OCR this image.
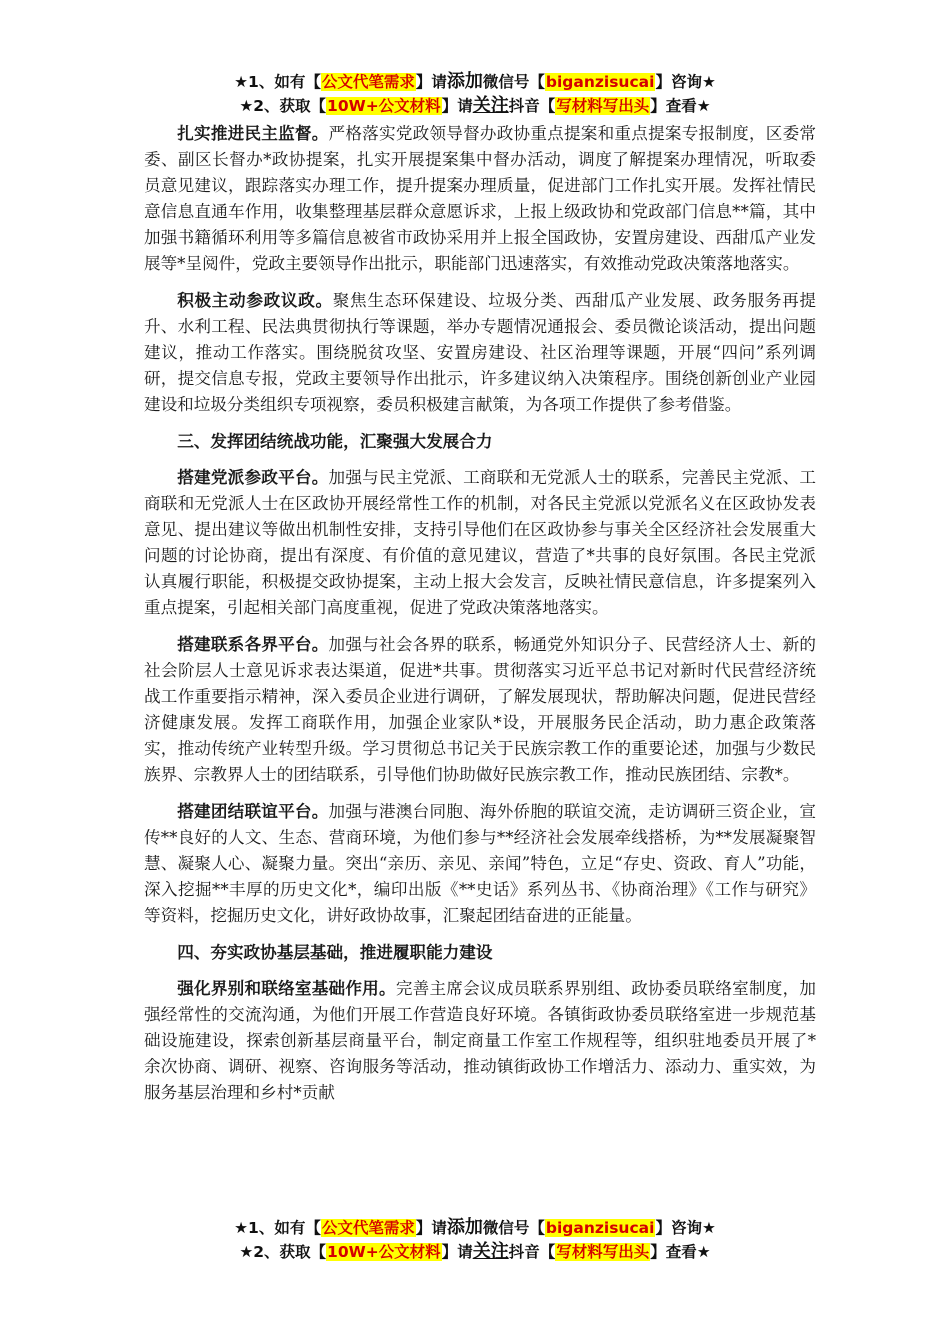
★1、如有【公文代笔需求】请添加微信号【biganzisucai】咨询★
★2、获取【10W+公文材料】请关注抖音【写材料写出头】查看★

扎实推进民主监督。严格落实党政领导督办政协重点提案和重点提案专报制度，区委常委、副区长督办*政协提案，扎实开展提案集中督办活动，调度了解提案办理情况，听取委员意见建议，跟踪落实办理工作，提升提案办理质量，促进部门工作扎实开展。发挥社情民意信息直通车作用，收集整理基层群众意愿诉求，上报上级政协和党政部门信息**篇，其中加强书籍循环利用等多篇信息被省市政协采用并上报全国政协，安置房建设、西甜瓜产业发展等*呈阅件，党政主要领导作出批示，职能部门迅速落实，有效推动党政决策落地落实。

积极主动参政议政。聚焦生态环保建设、垃圾分类、西甜瓜产业发展、政务服务再提升、水利工程、民法典贯彻执行等课题，举办专题情况通报会、委员微论谈活动，提出问题建议，推动工作落实。围绕脱贫攻坚、安置房建设、社区治理等课题，开展“四问”系列调研，提交信息专报，党政主要领导作出批示，许多建议纳入决策程序。围绕创新创业产业园建设和垃圾分类组织专项视察，委员积极建言献策，为各项工作提供了参考借鉴。

三、发挥团结统战功能，汇聚强大发展合力

搭建党派参政平台。加强与民主党派、工商联和无党派人士的联系，完善民主党派、工商联和无党派人士在区政协开展经常性工作的机制，对各民主党派以党派名义在区政协发表意见、提出建议等做出机制性安排，支持引导他们在区政协参与事关全区经济社会发展重大问题的讨论协商，提出有深度、有价值的意见建议，营造了*共事的良好氛围。各民主党派认真履行职能，积极提交政协提案，主动上报大会发言，反映社情民意信息，许多提案列入重点提案，引起相关部门高度重视，促进了党政决策落地落实。

搭建联系各界平台。加强与社会各界的联系，畅通党外知识分子、民营经济人士、新的社会阶层人士意见诉求表达渠道，促进*共事。贯彻落实习近平总书记对新时代民营经济统战工作重要指示精神，深入委员企业进行调研，了解发展现状，帮助解决问题，促进民营经济健康发展。发挥工商联作用，加强企业家队*设，开展服务民企活动，助力惠企政策落实，推动传统产业转型升级。学习贯彻总书记关于民族宗教工作的重要论述，加强与少数民族界、宗教界人士的团结联系，引导他们协助做好民族宗教工作，推动民族团结、宗教*。

搭建团结联谊平台。加强与港澳台同胞、海外侨胞的联谊交流，走访调研三资企业，宣传**良好的人文、生态、营商环境，为他们参与**经济社会发展牵线搭桥，为**发展凝聚智慧、凝聚人心、凝聚力量。突出“亲历、亲见、亲闻”特色，立足“存史、资政、育人”功能，深入挖掘**丰厚的历史文化*，编印出版《**史话》系列丛书、《协商治理》《工作与研究》等资料，挖掘历史文化，讲好政协故事，汇聚起团结奋进的正能量。

四、夯实政协基层基础，推进履职能力建设

强化界别和联络室基础作用。完善主席会议成员联系界别组、政协委员联络室制度，加强经常性的交流沟通，为他们开展工作营造良好环境。各镇街政协委员联络室进一步规范基础设施建设，探索创新基层商量平台，制定商量工作室工作规程等，组织驻地委员开展了*余次协商、调研、视察、咨询服务等活动，推动镇街政协工作增活力、添动力、重实效，为服务基层治理和乡村*贡献

★1、如有【公文代笔需求】请添加微信号【biganzisucai】咨询★
★2、获取【10W+公文材料】请关注抖音【写材料写出头】查看★
